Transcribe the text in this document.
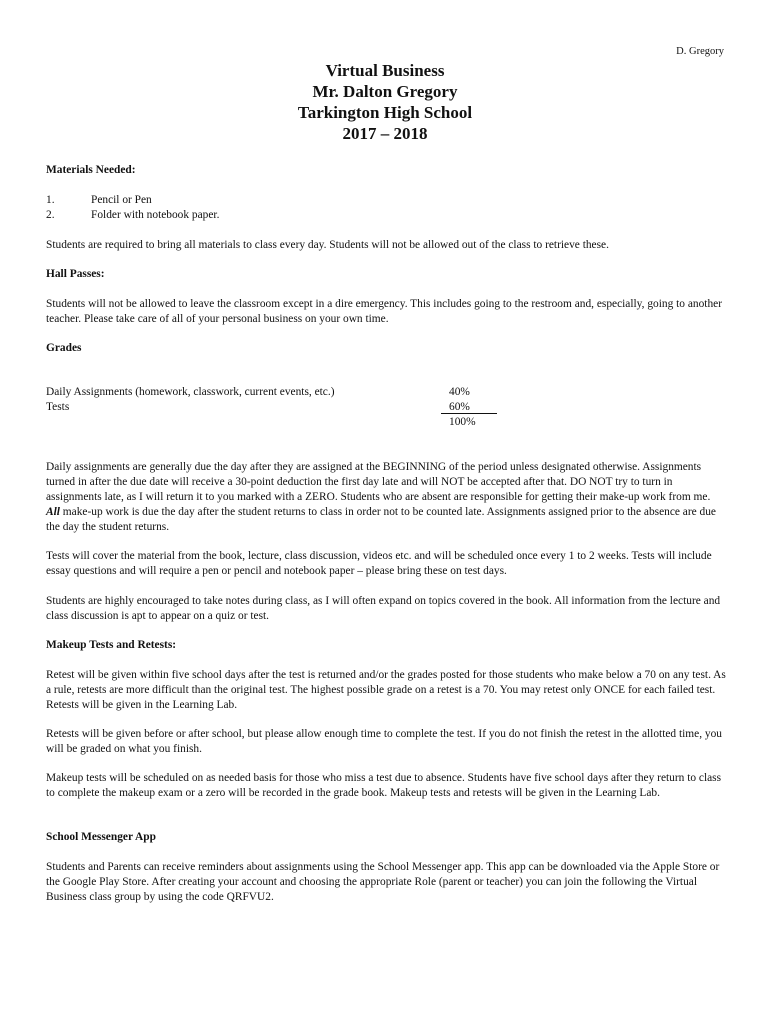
D. Gregory
Virtual Business
Mr. Dalton Gregory
Tarkington High School
2017 – 2018
Materials Needed:
1.	Pencil or Pen
2.	Folder with notebook paper.

Students are required to bring all materials to class every day. Students will not be allowed out of the class to retrieve these.

Hall Passes:

Students will not be allowed to leave the classroom except in a dire emergency. This includes going to the restroom and, especially, going to another teacher. Please take care of all of your personal business on your own time.

Grades
Daily Assignments (homework, classwork, current events, etc.)	40%
Tests	60%
100%

Daily assignments are generally due the day after they are assigned at the BEGINNING of the period unless designated otherwise. Assignments turned in after the due date will receive a 30-point deduction the first day late and will NOT be accepted after that. DO NOT try to turn in assignments late, as I will return it to you marked with a ZERO. Students who are absent are responsible for getting their make-up work from me. All make-up work is due the day after the student returns to class in order not to be counted late. Assignments assigned prior to the absence are due the day the student returns.

Tests will cover the material from the book, lecture, class discussion, videos etc. and will be scheduled once every 1 to 2 weeks. Tests will include essay questions and will require a pen or pencil and notebook paper – please bring these on test days.

Students are highly encouraged to take notes during class, as I will often expand on topics covered in the book. All information from the lecture and class discussion is apt to appear on a quiz or test.

Makeup Tests and Retests:

Retest will be given within five school days after the test is returned and/or the grades posted for those students who make below a 70 on any test. As a rule, retests are more difficult than the original test. The highest possible grade on a retest is a 70. You may retest only ONCE for each failed test. Retests will be given in the Learning Lab.

Retests will be given before or after school, but please allow enough time to complete the test. If you do not finish the retest in the allotted time, you will be graded on what you finish.

Makeup tests will be scheduled on as needed basis for those who miss a test due to absence. Students have five school days after they return to class to complete the makeup exam or a zero will be recorded in the grade book. Makeup tests and retests will be given in the Learning Lab.

School Messenger App

Students and Parents can receive reminders about assignments using the School Messenger app. This app can be downloaded via the Apple Store or the Google Play Store. After creating your account and choosing the appropriate Role (parent or teacher) you can join the following the Virtual Business class group by using the code QRFVU2.
